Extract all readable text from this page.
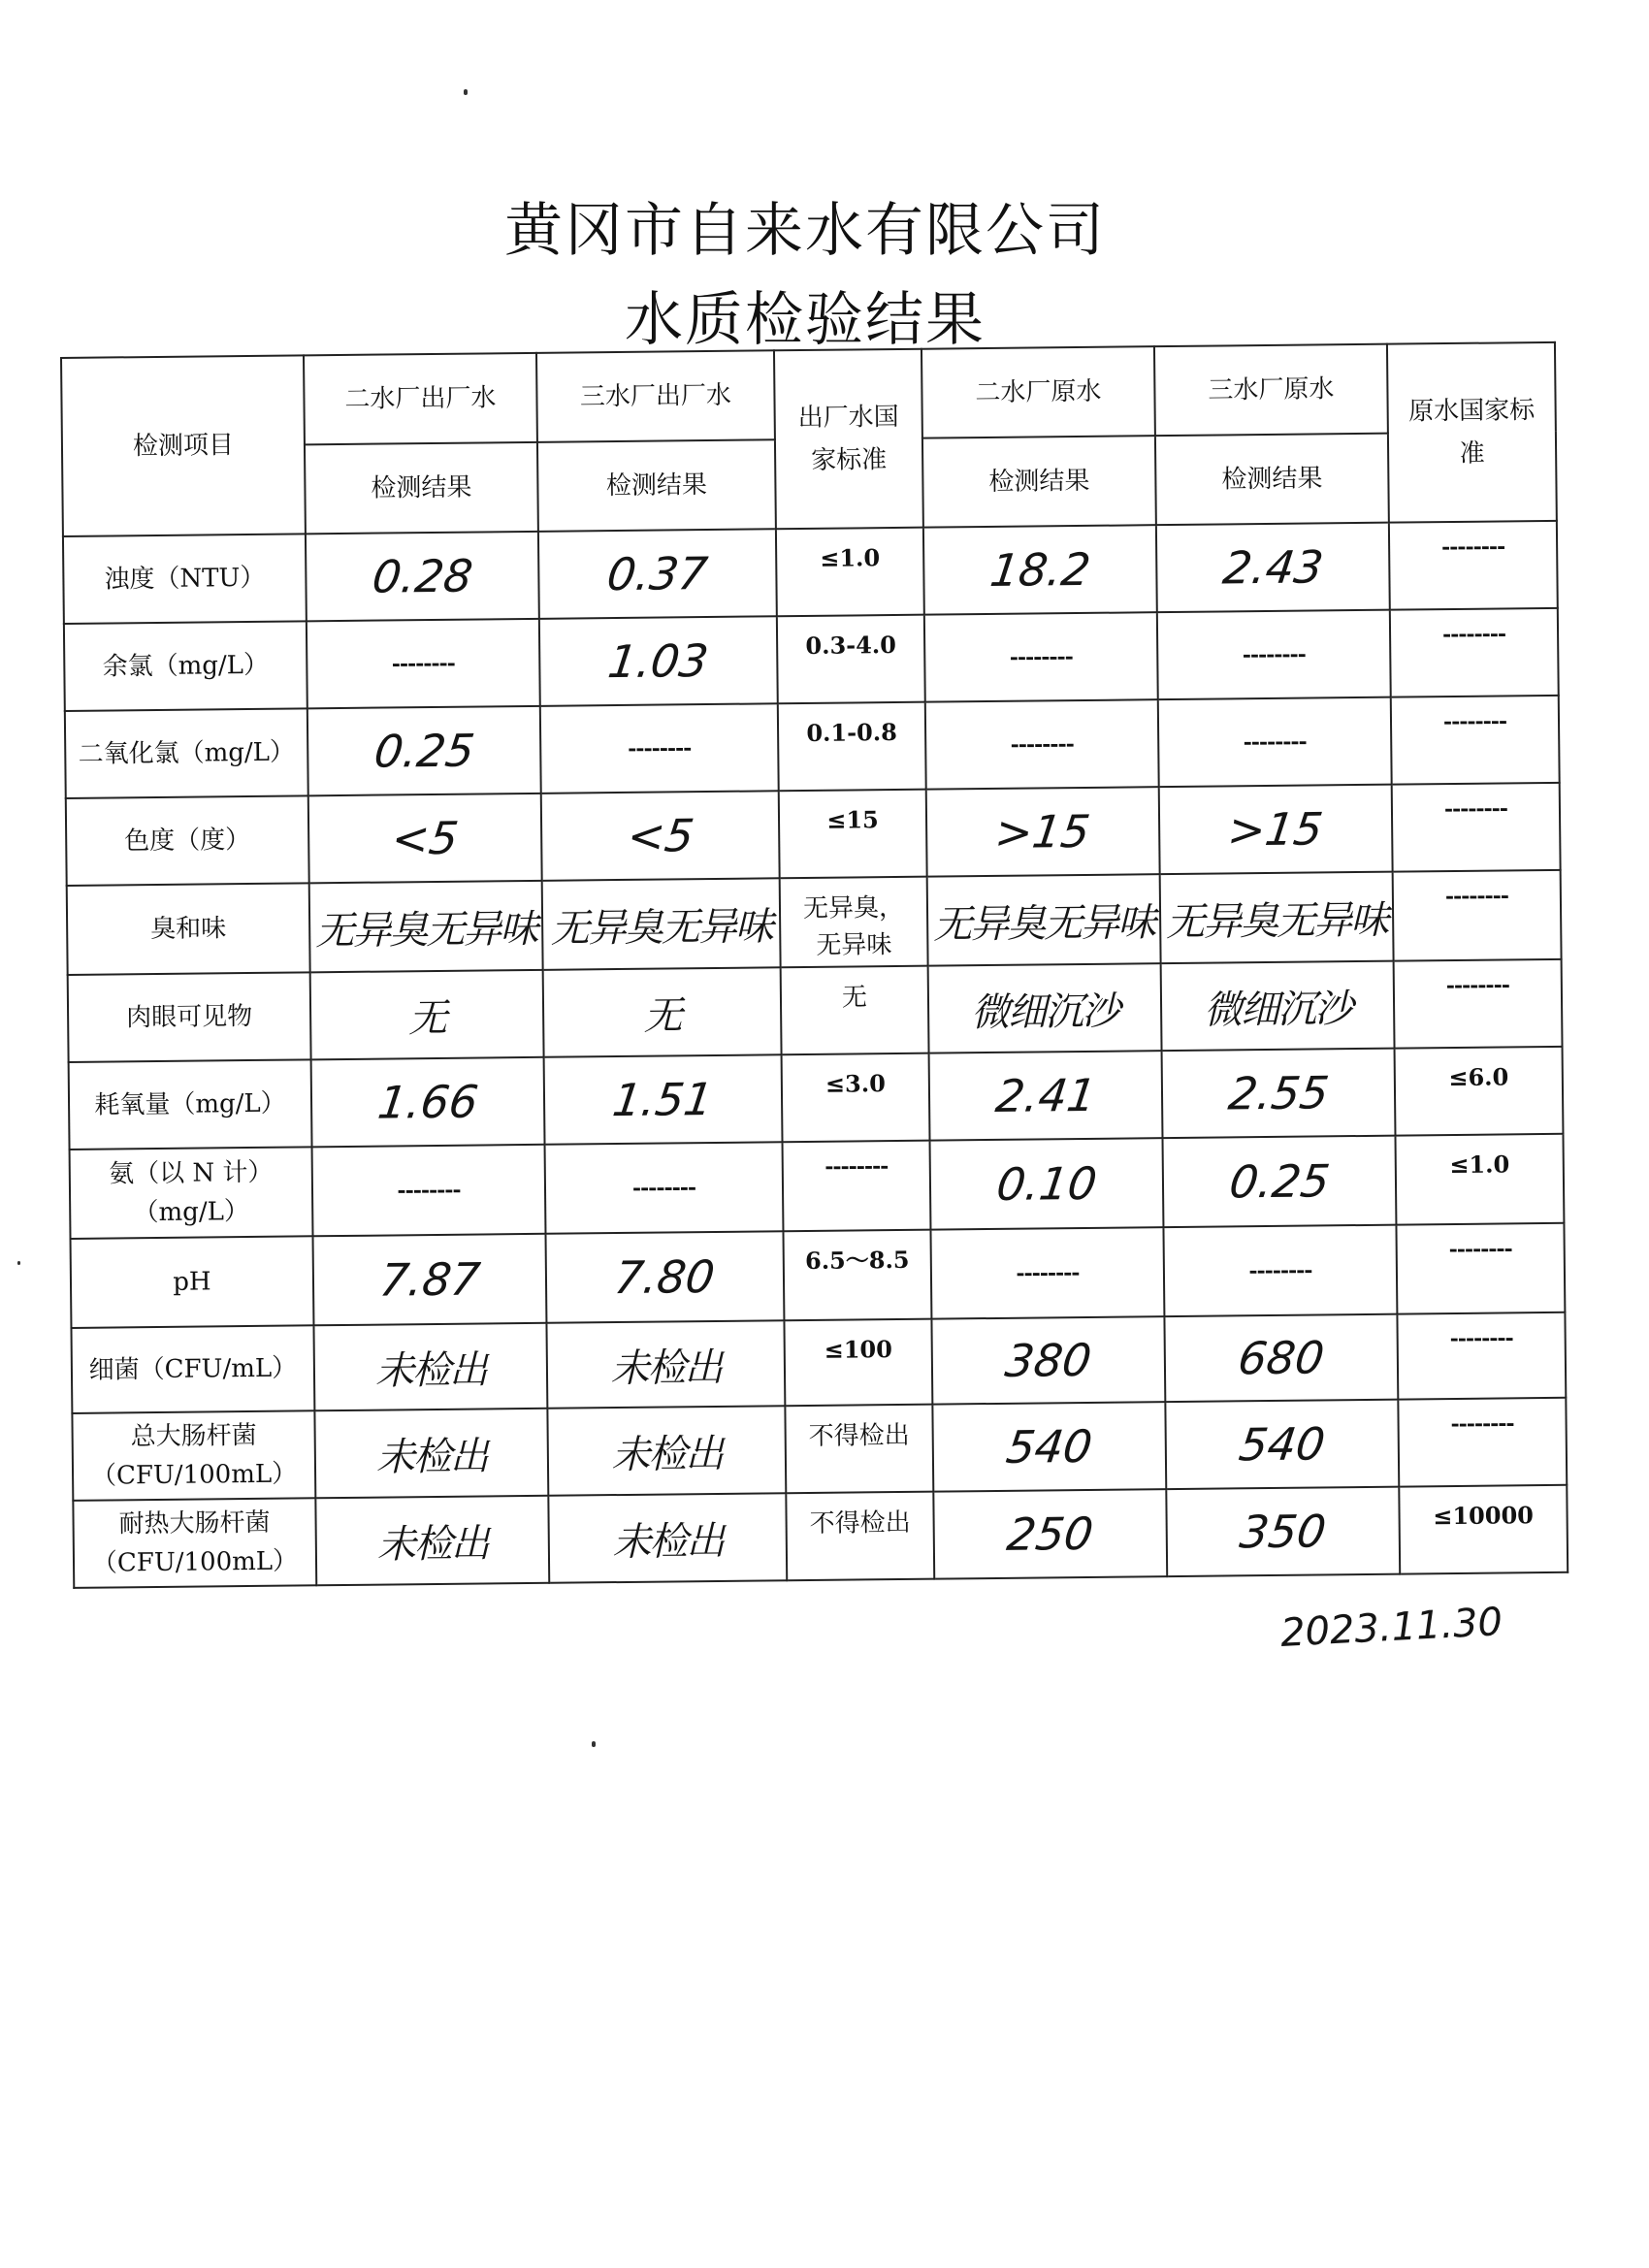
黄冈市自来水有限公司
水质检验结果
检测项目	二水厂出厂水	三水厂出厂水	出厂水国家标准	二水厂原水	三水厂原水	原水国家标准

	检测结果	检测结果		检测结果	检测结果	
浊度（NTU）	0.28	0.37	≤1.0	18.2	2.43	--------
余氯（mg/L）	--------	1.03	0.3-4.0	--------	--------	--------
二氧化氯（mg/L）	0.25	--------	0.1-0.8	--------	--------	--------
色度（度）	<5	<5	≤15	>15	>15	--------
臭和味	无异臭无异味	无异臭无异味	无异臭，无异味	无异臭无异味	无异臭无异味	--------
肉眼可见物	无	无	无	微细沉沙	微细沉沙	--------
耗氧量（mg/L）	1.66	1.51	≤3.0	2.41	2.55	≤6.0
氨（以 N 计）（mg/L）	--------	--------	--------	0.10	0.25	≤1.0
pH	7.87	7.80	6.5～8.5	--------	--------	--------
细菌（CFU/mL）	未检出	未检出	≤100	380	680	--------
总大肠杆菌（CFU/100mL）	未检出	未检出	不得检出	540	540	--------
耐热大肠杆菌（CFU/100mL）	未检出	未检出	不得检出	250	350	≤10000
2023.11.30
